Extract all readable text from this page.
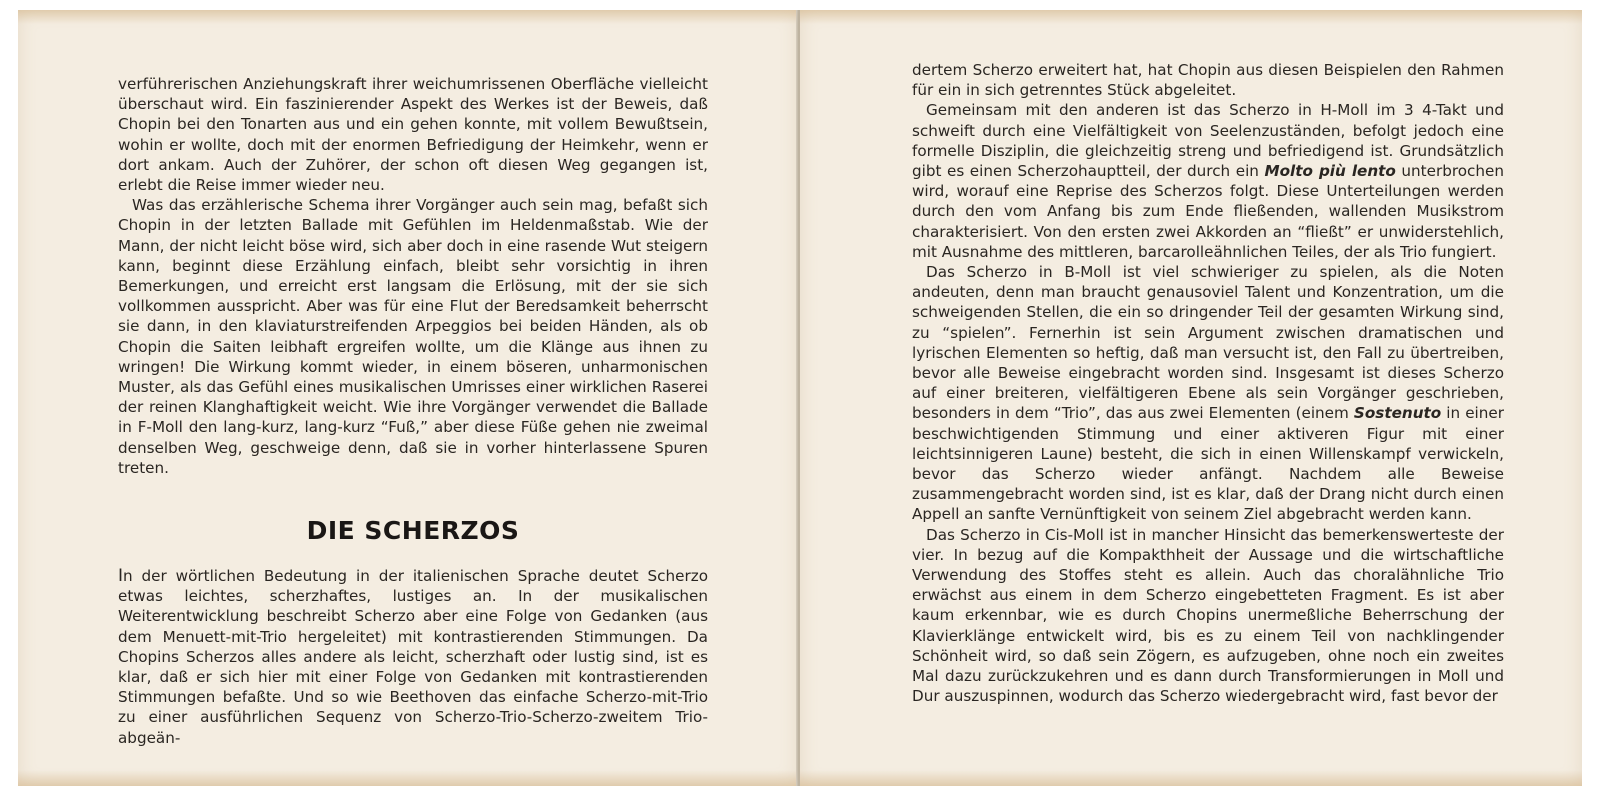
verführerischen Anziehungskraft ihrer weichumrissenen Oberfläche vielleicht überschaut wird. Ein faszinierender Aspekt des Werkes ist der Beweis, daß Chopin bei den Tonarten aus und ein gehen konnte, mit vollem Bewußtsein, wohin er wollte, doch mit der enormen Befriedigung der Heimkehr, wenn er dort ankam. Auch der Zuhörer, der schon oft diesen Weg gegangen ist, erlebt die Reise immer wieder neu.

Was das erzählerische Schema ihrer Vorgänger auch sein mag, befaßt sich Chopin in der letzten Ballade mit Gefühlen im Heldenmaßstab. Wie der Mann, der nicht leicht böse wird, sich aber doch in eine rasende Wut steigern kann, beginnt diese Erzählung einfach, bleibt sehr vorsichtig in ihren Bemerkungen, und erreicht erst langsam die Erlösung, mit der sie sich vollkommen ausspricht. Aber was für eine Flut der Beredsamkeit beherrscht sie dann, in den klaviaturstreifenden Arpeggios bei beiden Händen, als ob Chopin die Saiten leibhaft ergreifen wollte, um die Klänge aus ihnen zu wringen! Die Wirkung kommt wieder, in einem böseren, unharmonischen Muster, als das Gefühl eines musikalischen Umrisses einer wirklichen Raserei der reinen Klanghaftigkeit weicht. Wie ihre Vorgänger verwendet die Ballade in F-Moll den lang-kurz, lang-kurz “Fuß,” aber diese Füße gehen nie zweimal denselben Weg, geschweige denn, daß sie in vorher hinterlassene Spuren treten.

DIE SCHERZOS

In der wörtlichen Bedeutung in der italienischen Sprache deutet Scherzo etwas leichtes, scherzhaftes, lustiges an. In der musikalischen Weiterentwicklung beschreibt Scherzo aber eine Folge von Gedanken (aus dem Menuett-mit-Trio hergeleitet) mit kontrastierenden Stimmungen. Da Chopins Scherzos alles andere als leicht, scherzhaft oder lustig sind, ist es klar, daß er sich hier mit einer Folge von Gedanken mit kontrastierenden Stimmungen befaßte. Und so wie Beethoven das einfache Scherzo-mit-Trio zu einer ausführlichen Sequenz von Scherzo-Trio-Scherzo-zweitem Trio-abgeän-

dertem Scherzo erweitert hat, hat Chopin aus diesen Beispielen den Rahmen für ein in sich getrenntes Stück abgeleitet.

Gemeinsam mit den anderen ist das Scherzo in H-Moll im 3 4-Takt und schweift durch eine Vielfältigkeit von Seelenzuständen, befolgt jedoch eine formelle Disziplin, die gleichzeitig streng und befriedigend ist. Grundsätzlich gibt es einen Scherzohauptteil, der durch ein Molto più lento unterbrochen wird, worauf eine Reprise des Scherzos folgt. Diese Unterteilungen werden durch den vom Anfang bis zum Ende fließenden, wallenden Musikstrom charakterisiert. Von den ersten zwei Akkorden an “fließt” er unwiderstehlich, mit Ausnahme des mittleren, barcarolleähnlichen Teiles, der als Trio fungiert.

Das Scherzo in B-Moll ist viel schwieriger zu spielen, als die Noten andeuten, denn man braucht genausoviel Talent und Konzentration, um die schweigenden Stellen, die ein so dringender Teil der gesamten Wirkung sind, zu “spielen”. Fernerhin ist sein Argument zwischen dramatischen und lyrischen Elementen so heftig, daß man versucht ist, den Fall zu übertreiben, bevor alle Beweise eingebracht worden sind. Insgesamt ist dieses Scherzo auf einer breiteren, vielfältigeren Ebene als sein Vorgänger geschrieben, besonders in dem “Trio”, das aus zwei Elementen (einem Sostenuto in einer beschwichtigenden Stimmung und einer aktiveren Figur mit einer leichtsinnigeren Laune) besteht, die sich in einen Willenskampf verwickeln, bevor das Scherzo wieder anfängt. Nachdem alle Beweise zusammengebracht worden sind, ist es klar, daß der Drang nicht durch einen Appell an sanfte Vernünftigkeit von seinem Ziel abgebracht werden kann.

Das Scherzo in Cis-Moll ist in mancher Hinsicht das bemerkenswerteste der vier. In bezug auf die Kompakthheit der Aussage und die wirtschaftliche Verwendung des Stoffes steht es allein. Auch das choralähnliche Trio erwächst aus einem in dem Scherzo eingebetteten Fragment. Es ist aber kaum erkennbar, wie es durch Chopins unermeßliche Beherrschung der Klavierklänge entwickelt wird, bis es zu einem Teil von nachklingender Schönheit wird, so daß sein Zögern, es aufzugeben, ohne noch ein zweites Mal dazu zurückzukehren und es dann durch Transformierungen in Moll und Dur auszuspinnen, wodurch das Scherzo wiedergebracht wird, fast bevor der
